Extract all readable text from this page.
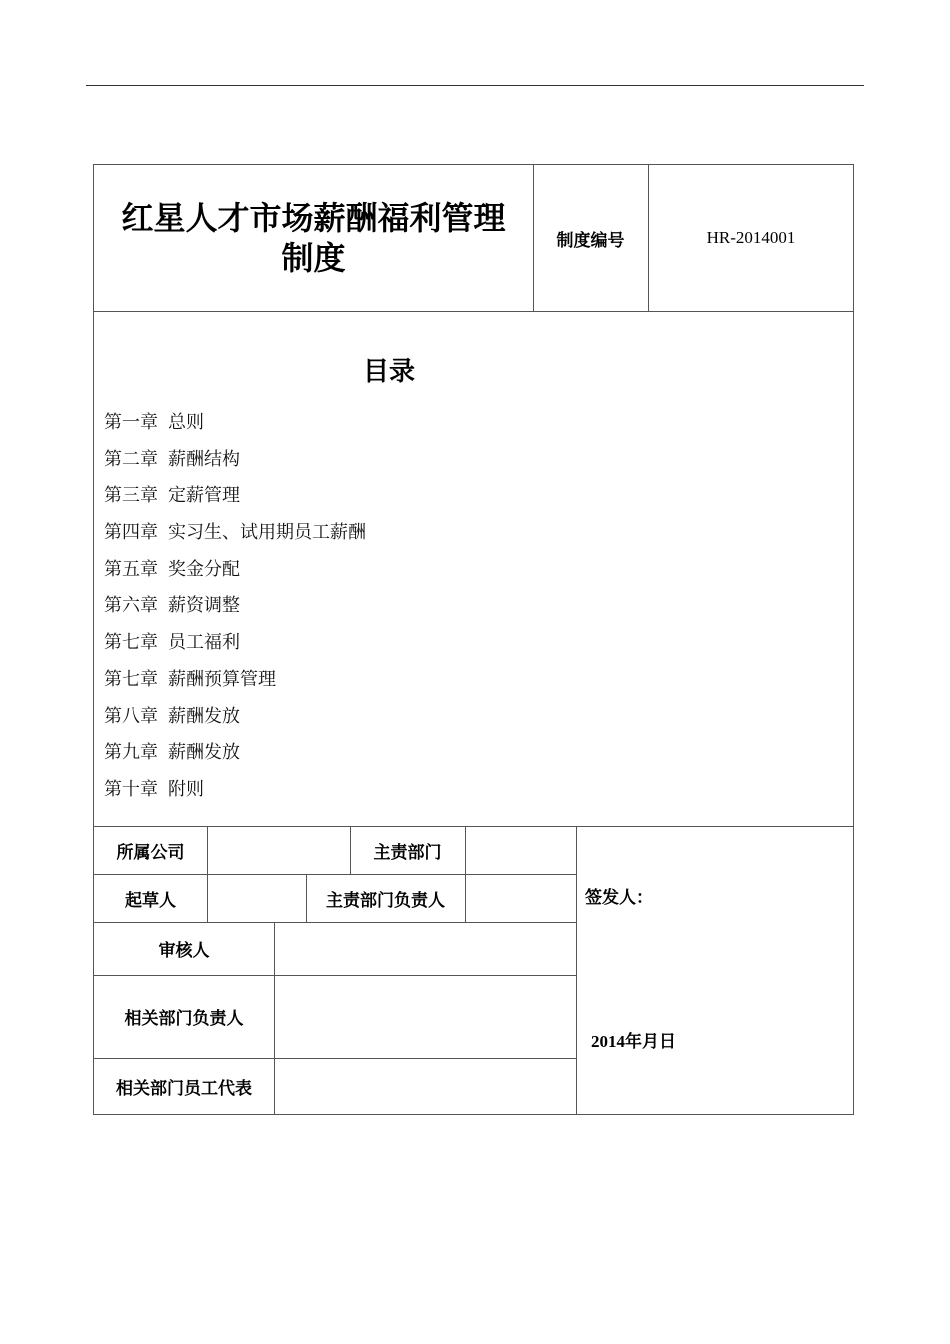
红星人才市场薪酬福利管理制度	制度编号	HR-2014001
目录
第一章 总则
第二章 薪酬结构
第三章 定薪管理
第四章 实习生、试用期员工薪酬
第五章 奖金分配
第六章 薪资调整
第七章 员工福利
第七章 薪酬预算管理
第八章 薪酬发放
第九章 薪酬发放
第十章 附则
所属公司	主责部门
起草人	主责部门负责人
审核人
相关部门负责人
相关部门员工代表
签发人：
2014年月日
